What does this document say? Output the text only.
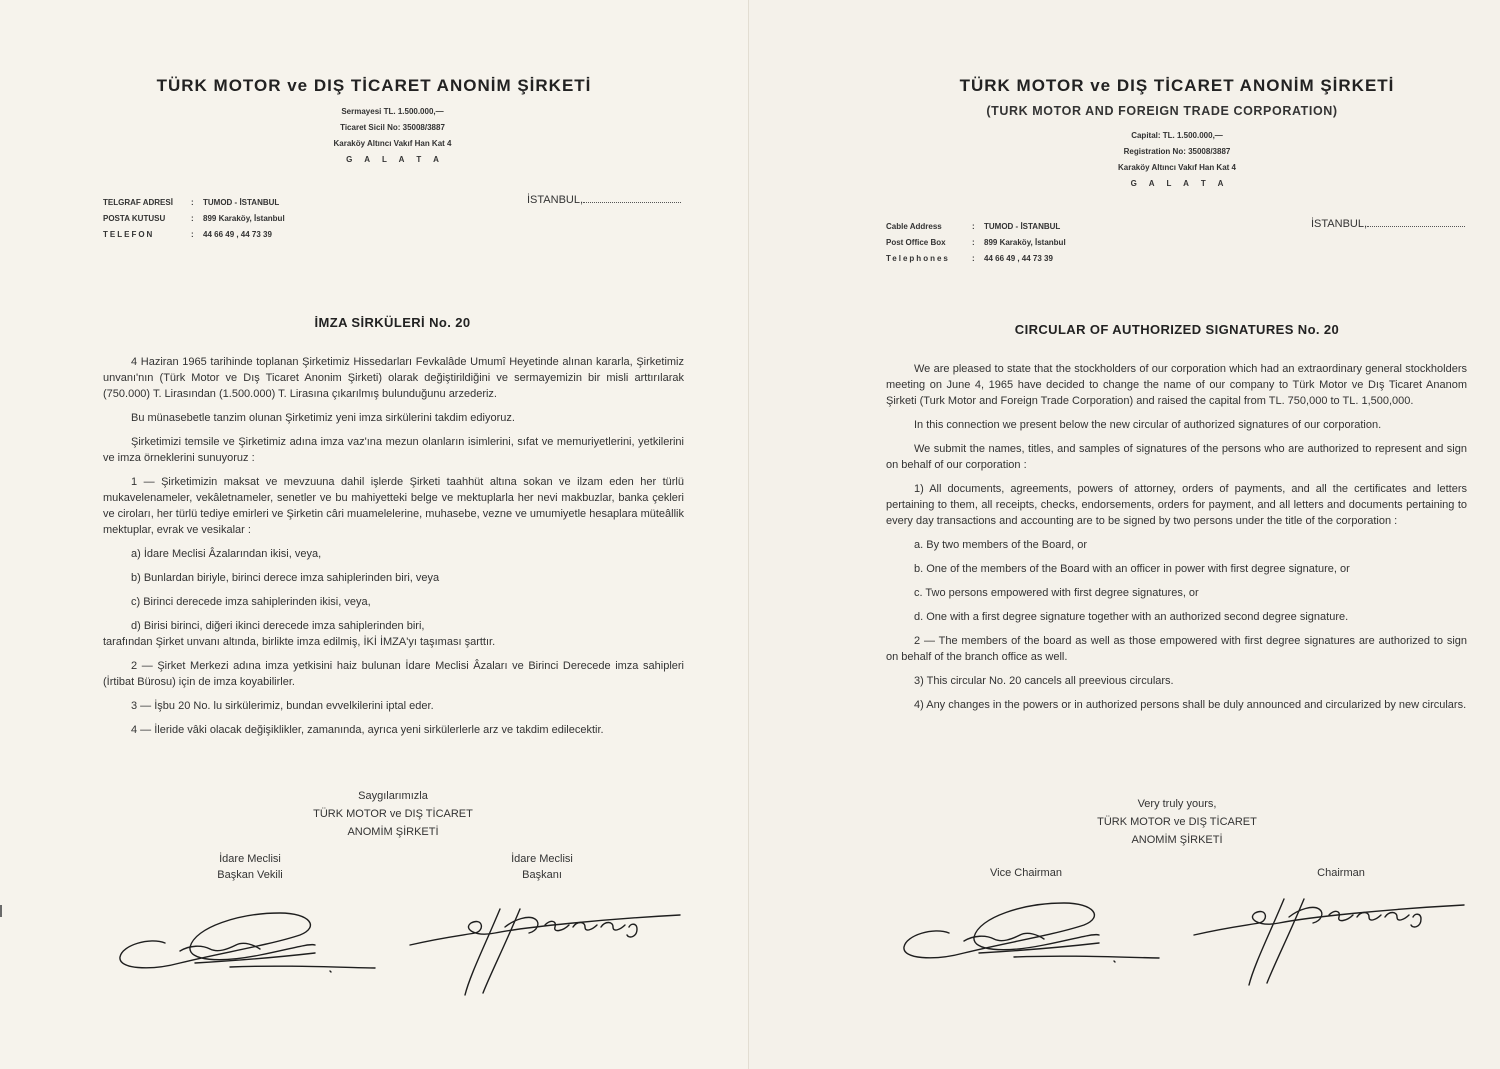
TÜRK MOTOR ve DIŞ TİCARET ANONİM ŞİRKETİ
Sermayesi TL. 1.500.000,—
Ticaret Sicil No: 35008/3887
Karaköy Altıncı Vakıf Han Kat 4
G A L A T A
TELGRAF ADRESİ	:	TUMOD - İSTANBUL
POSTA KUTUSU	:	899 Karaköy, İstanbul
TELEFON	:	44 66 49 , 44 73 39
İSTANBUL,
İMZA SİRKÜLERİ No. 20

4 Haziran 1965 tarihinde toplanan Şirketimiz Hissedarları Fevkalâde Umumî Heyetinde alınan kararla, Şirketimiz unvanı'nın (Türk Motor ve Dış Ticaret Anonim Şirketi) olarak değiştirildiğini ve sermayemizin bir misli arttırılarak (750.000) T. Lirasından (1.500.000) T. Lirasına çıkarılmış bulunduğunu arzederiz.

Bu münasebetle tanzim olunan Şirketimiz yeni imza sirkülerini takdim ediyoruz.

Şirketimizi temsile ve Şirketimiz adına imza vaz'ına mezun olanların isimlerini, sıfat ve memuriyetlerini, yetkilerini ve imza örneklerini sunuyoruz :

1 — Şirketimizin maksat ve mevzuuna dahil işlerde Şirketi taahhüt altına sokan ve ilzam eden her türlü mukavelenameler, vekâletnameler, senetler ve bu mahiyetteki belge ve mektuplarla her nevi makbuzlar, banka çekleri ve ciroları, her türlü tediye emirleri ve Şirketin câri muamelelerine, muhasebe, vezne ve umumiyetle hesaplara müteâllik mektuplar, evrak ve vesikalar :

a) İdare Meclisi Âzalarından ikisi, veya,

b) Bunlardan biriyle, birinci derece imza sahiplerinden biri, veya

c) Birinci derecede imza sahiplerinden ikisi, veya,

d) Birisi birinci, diğeri ikinci derecede imza sahiplerinden biri,

tarafından Şirket unvanı altında, birlikte imza edilmiş, İKİ İMZA'yı taşıması şarttır.

2 — Şirket Merkezi adına imza yetkisini haiz bulunan İdare Meclisi Âzaları ve Birinci Derecede imza sahipleri (İrtibat Bürosu) için de imza koyabilirler.

3 — İşbu 20 No. lu sirkülerimiz, bundan evvelkilerini iptal eder.

4 — İleride vâki olacak değişiklikler, zamanında, ayrıca yeni sirkülerlerle arz ve takdim edilecektir.

Saygılarımızla
TÜRK MOTOR ve DIŞ TİCARET
ANOMİM ŞİRKETİ
İdare Meclisi
Başkan Vekili
İdare Meclisi
Başkanı
TÜRK MOTOR ve DIŞ TİCARET ANONİM ŞİRKETİ
(TURK MOTOR AND FOREIGN TRADE CORPORATION)
Capital: TL. 1.500.000,—
Registration No: 35008/3887
Karaköy Altıncı Vakıf Han Kat 4
G A L A T A
Cable Address	:	TUMOD - İSTANBUL
Post Office Box	:	899 Karaköy, İstanbul
Telephones	:	44 66 49 , 44 73 39
İSTANBUL,
CIRCULAR OF AUTHORIZED SIGNATURES No. 20

We are pleased to state that the stockholders of our corporation which had an extraordinary general stockholders meeting on June 4, 1965 have decided to change the name of our company to Türk Motor ve Dış Ticaret Ananom Şirketi (Turk Motor and Foreign Trade Corporation) and raised the capital from TL. 750,000 to TL. 1,500,000.

In this connection we present below the new circular of authorized signatures of our corporation.

We submit the names, titles, and samples of signatures of the persons who are authorized to represent and sign on behalf of our corporation :

1) All documents, agreements, powers of attorney, orders of payments, and all the certificates and letters pertaining to them, all receipts, checks, endorsements, orders for payment, and all letters and documents pertaining to every day transactions and accounting are to be signed by two persons under the title of the corporation :

a. By two members of the Board, or

b. One of the members of the Board with an officer in power with first degree signature, or

c. Two persons empowered with first degree signatures, or

d. One with a first degree signature together with an authorized second degree signature.

2 — The members of the board as well as those empowered with first degree signatures are authorized to sign on behalf of the branch office as well.

3) This circular No. 20 cancels all preevious circulars.

4) Any changes in the powers or in authorized persons shall be duly announced and circularized by new circulars.

Very truly yours,
TÜRK MOTOR ve DIŞ TİCARET
ANOMİM ŞİRKETİ
Vice Chairman	Chairman
